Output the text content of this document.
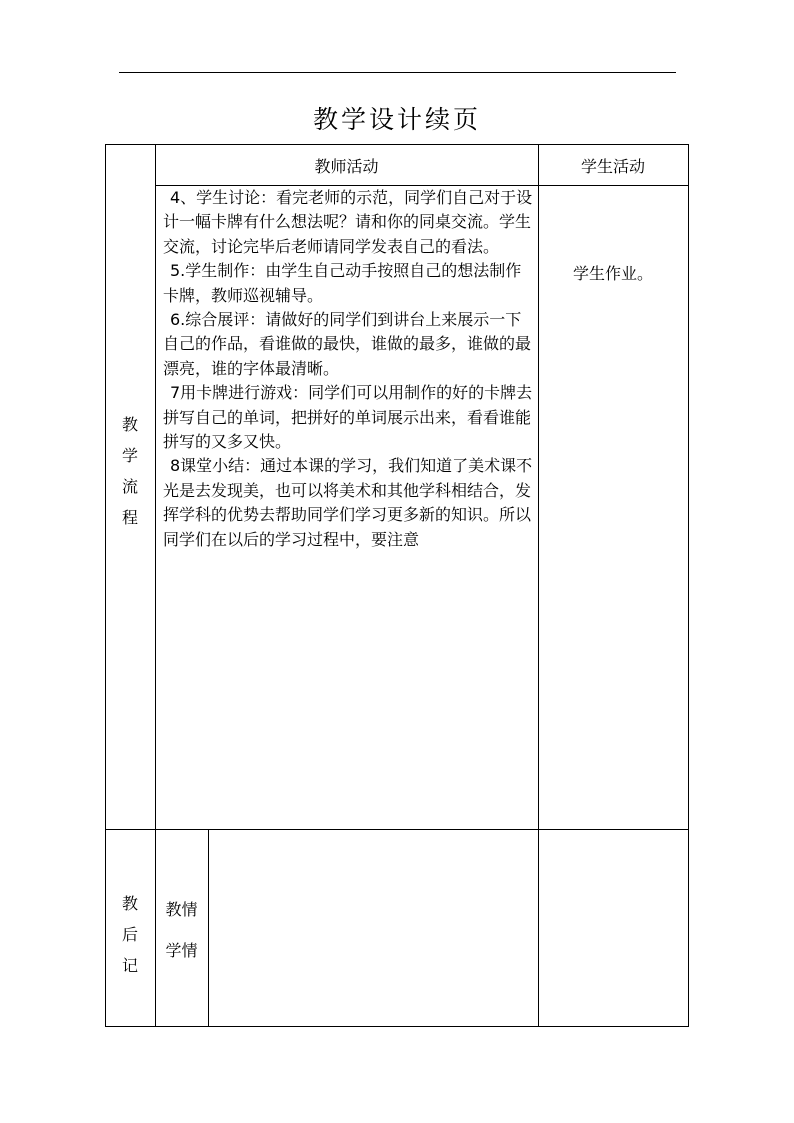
教学设计续页
教师活动	学生活动
教
学
流
程

4、学生讨论：看完老师的示范，同学们自己对于设计一幅卡牌有什么想法呢？请和你的同桌交流。学生交流，讨论完毕后老师请同学发表自己的看法。

5.学生制作：由学生自己动手按照自己的想法制作卡牌，教师巡视辅导。

6.综合展评：请做好的同学们到讲台上来展示一下自己的作品，看谁做的最快，谁做的最多，谁做的最漂亮，谁的字体最清晰。

7用卡牌进行游戏：同学们可以用制作的好的卡牌去拼写自己的单词，把拼好的单词展示出来，看看谁能拼写的又多又快。

8课堂小结：通过本课的学习，我们知道了美术课不光是去发现美，也可以将美术和其他学科相结合，发挥学科的优势去帮助同学们学习更多新的知识。所以同学们在以后的学习过程中，要注意

学生作业。
教
后
记
教情
学情
